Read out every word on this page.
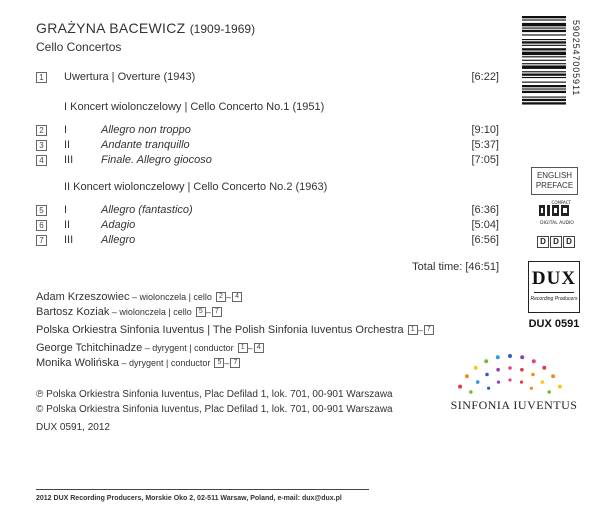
GRAŻYNA BACEWICZ (1909-1969)
Cello Concertos
1 Uwertura | Overture (1943)	[6:22]
I Koncert wiolonczelowy | Cello Concerto No.1 (1951)
2 I	Allegro non troppo	[9:10]
3 II	Andante tranquillo	[5:37]
4 III	Finale. Allegro giocoso	[7:05]
II Koncert wiolonczelowy | Cello Concerto No.2 (1963)
5 I	Allegro (fantastico)	[6:36]
6 II	Adagio	[5:04]
7 III	Allegro	[6:56]
Total time: [46:51]
Adam Krzeszowiec – wiolonczela | cello 2 – 4
Bartosz Koziak – wiolonczela | cello 5 – 7
Polska Orkiestra Sinfonia Iuventus | The Polish Sinfonia Iuventus Orchestra 1 – 7
George Tchitchinadze – dyrygent | conductor 1 – 4
Monika Wolińska – dyrygent | conductor 5 – 7
℗ Polska Orkiestra Sinfonia Iuventus, Plac Defilad 1, lok. 701, 00-901 Warszawa
© Polska Orkiestra Sinfonia Iuventus, Plac Defilad 1, lok. 701, 00-901 Warszawa
DUX 0591, 2012
2012 DUX Recording Producers, Morskie Oko 2, 02-511 Warsaw, Poland, e-mail: dux@dux.pl
5902547005911
ENGLISH
PREFACE
COMPACT
DIGITAL AUDIO
D D D
DUX
Recording Producers
DUX 0591
SINFONIA IUVENTUS
